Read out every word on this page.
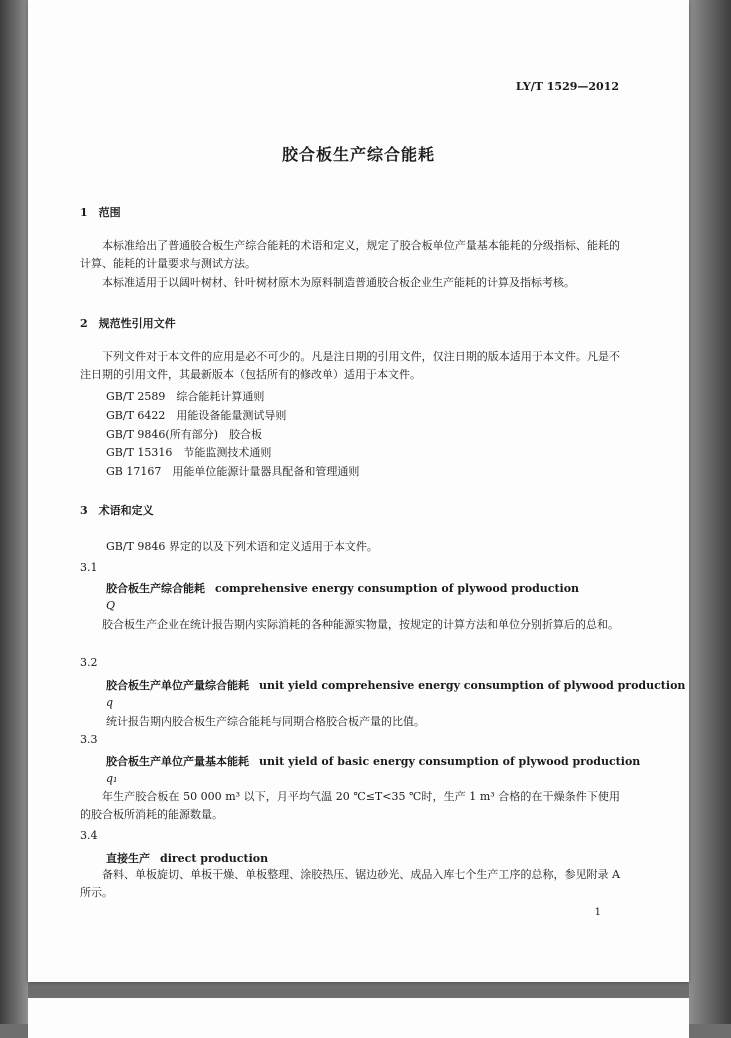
LY/T 1529—2012
胶合板生产综合能耗
1　范围
本标准给出了普通胶合板生产综合能耗的术语和定义，规定了胶合板单位产量基本能耗的分级指标、能耗的计算、能耗的计量要求与测试方法。
本标准适用于以阔叶树材、针叶树材原木为原料制造普通胶合板企业生产能耗的计算及指标考核。
2　规范性引用文件
下列文件对于本文件的应用是必不可少的。凡是注日期的引用文件，仅注日期的版本适用于本文件。凡是不注日期的引用文件，其最新版本（包括所有的修改单）适用于本文件。
GB/T 2589　综合能耗计算通则
GB/T 6422　用能设备能量测试导则
GB/T 9846(所有部分)　胶合板
GB/T 15316　节能监测技术通则
GB 17167　用能单位能源计量器具配备和管理通则
3　术语和定义
GB/T 9846 界定的以及下列术语和定义适用于本文件。
3.1
胶合板生产综合能耗 comprehensive energy consumption of plywood production
Q
胶合板生产企业在统计报告期内实际消耗的各种能源实物量，按规定的计算方法和单位分别折算后的总和。
3.2
胶合板生产单位产量综合能耗 unit yield comprehensive energy consumption of plywood production
q
统计报告期内胶合板生产综合能耗与同期合格胶合板产量的比值。
3.3
胶合板生产单位产量基本能耗 unit yield of basic energy consumption of plywood production
q₁
年生产胶合板在 50 000 m³ 以下，月平均气温 20 ℃≤T<35 ℃时，生产 1 m³ 合格的在干燥条件下使用的胶合板所消耗的能源数量。
3.4
直接生产 direct production
备料、单板旋切、单板干燥、单板整理、涂胶热压、锯边砂光、成品入库七个生产工序的总称，参见附录 A 所示。
1
